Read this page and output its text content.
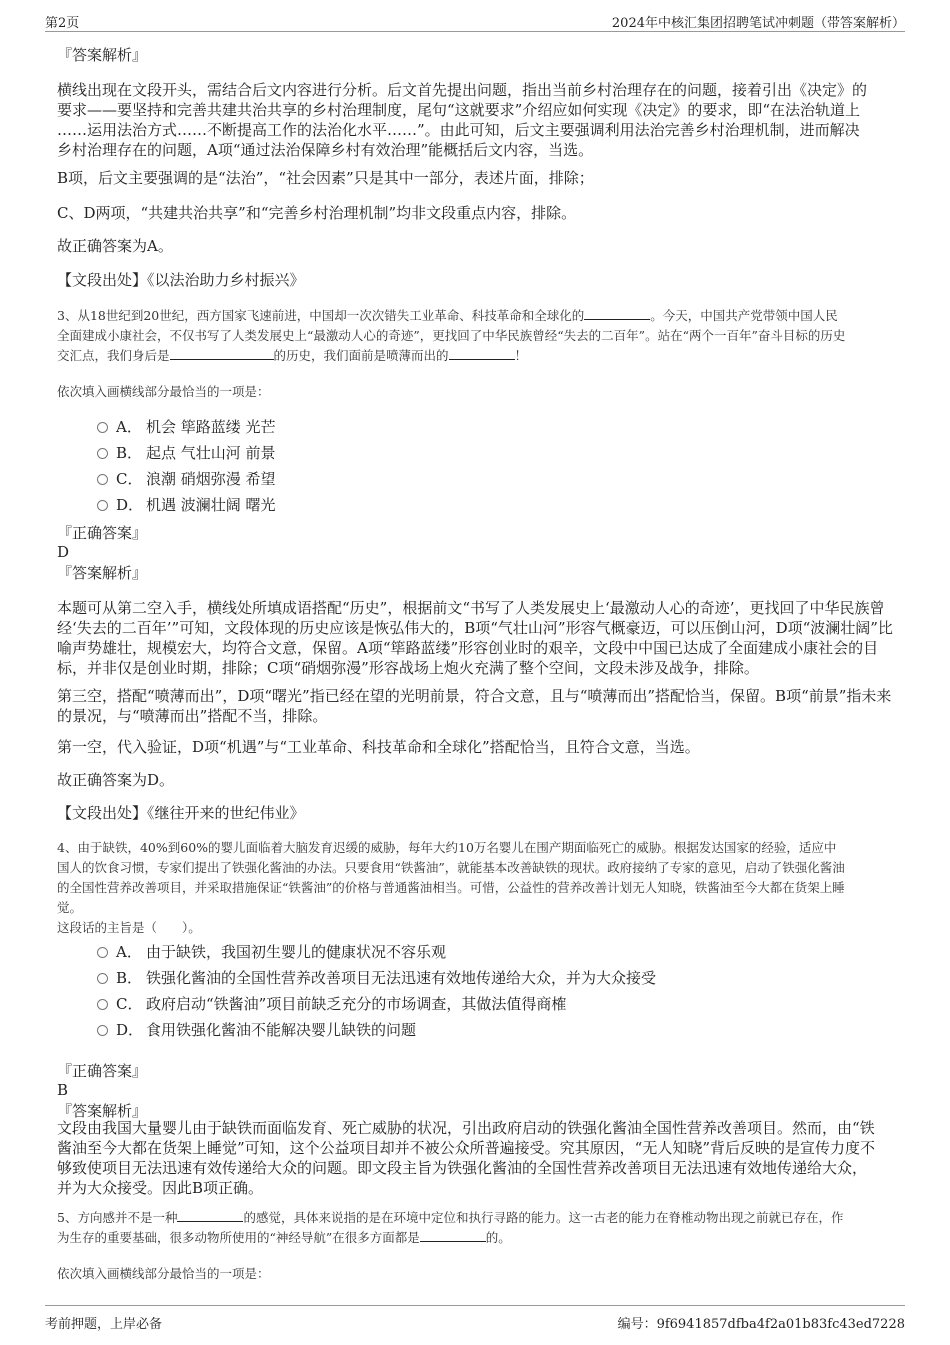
第2页	2024年中核汇集团招聘笔试冲刺题（带答案解析）
『答案解析』

横线出现在文段开头，需结合后文内容进行分析。后文首先提出问题，指出当前乡村治理存在的问题，接着引出《决定》的

要求——要坚持和完善共建共治共享的乡村治理制度，尾句“这就要求”介绍应如何实现《决定》的要求，即“在法治轨道上

……运用法治方式……不断提高工作的法治化水平……”。由此可知，后文主要强调利用法治完善乡村治理机制，进而解决

乡村治理存在的问题，A项“通过法治保障乡村有效治理”能概括后文内容，当选。

B项，后文主要强调的是“法治”，“社会因素”只是其中一部分，表述片面，排除；
C、D两项，“共建共治共享”和“完善乡村治理机制”均非文段重点内容，排除。
故正确答案为A。
【文段出处】《以法治助力乡村振兴》
3、从18世纪到20世纪，西方国家飞速前进，中国却一次次错失工业革命、科技革命和全球化的	。今天，中国共产党带领中国人民
全面建成小康社会，不仅书写了人类发展史上“最激动人心的奇迹”，更找回了中华民族曾经“失去的二百年”。站在“两个一百年”奋斗目标的历史
交汇点，我们身后是	的历史，我们面前是喷薄而出的	！
依次填入画横线部分最恰当的一项是：
A． 机会 筚路蓝缕 光芒
B． 起点 气壮山河 前景
C． 浪潮 硝烟弥漫 希望
D． 机遇 波澜壮阔 曙光
『正确答案』
D
『答案解析』

本题可从第二空入手，横线处所填成语搭配“历史”，根据前文“书写了人类发展史上‘最激动人心的奇迹’，更找回了中华民族曾

经‘失去的二百年’”可知，文段体现的历史应该是恢弘伟大的，B项“气壮山河”形容气概豪迈，可以压倒山河，D项“波澜壮阔”比

喻声势雄壮，规模宏大，均符合文意，保留。A项“筚路蓝缕”形容创业时的艰辛，文段中中国已达成了全面建成小康社会的目

标，并非仅是创业时期，排除；C项“硝烟弥漫”形容战场上炮火充满了整个空间，文段未涉及战争，排除。

第三空，搭配“喷薄而出”，D项“曙光”指已经在望的光明前景，符合文意，且与“喷薄而出”搭配恰当，保留。B项“前景”指未来

的景况，与“喷薄而出”搭配不当，排除。

第一空，代入验证，D项“机遇”与“工业革命、科技革命和全球化”搭配恰当，且符合文意，当选。
故正确答案为D。
【文段出处】《继往开来的世纪伟业》
4、由于缺铁，40%到60%的婴儿面临着大脑发育迟缓的威胁，每年大约10万名婴儿在围产期面临死亡的威胁。根据发达国家的经验，适应中
国人的饮食习惯，专家们提出了铁强化酱油的办法。只要食用“铁酱油”，就能基本改善缺铁的现状。政府接纳了专家的意见，启动了铁强化酱油
的全国性营养改善项目，并采取措施保证“铁酱油”的价格与普通酱油相当。可惜，公益性的营养改善计划无人知晓，铁酱油至今大都在货架上睡
觉。
这段话的主旨是（　　）。
A． 由于缺铁，我国初生婴儿的健康状况不容乐观
B． 铁强化酱油的全国性营养改善项目无法迅速有效地传递给大众，并为大众接受
C． 政府启动“铁酱油”项目前缺乏充分的市场调查，其做法值得商榷
D． 食用铁强化酱油不能解决婴儿缺铁的问题
『正确答案』
B
『答案解析』

文段由我国大量婴儿由于缺铁而面临发育、死亡威胁的状况，引出政府启动的铁强化酱油全国性营养改善项目。然而，由“铁

酱油至今大都在货架上睡觉”可知，这个公益项目却并不被公众所普遍接受。究其原因，“无人知晓”背后反映的是宣传力度不

够致使项目无法迅速有效传递给大众的问题。即文段主旨为铁强化酱油的全国性营养改善项目无法迅速有效地传递给大众，

并为大众接受。因此B项正确。

5、方向感并不是一种	的感觉，具体来说指的是在环境中定位和执行寻路的能力。这一古老的能力在脊椎动物出现之前就已存在，作
为生存的重要基础，很多动物所使用的“神经导航”在很多方面都是	的。
依次填入画横线部分最恰当的一项是：
考前押题，上岸必备	编号：9f6941857dfba4f2a01b83fc43ed7228
